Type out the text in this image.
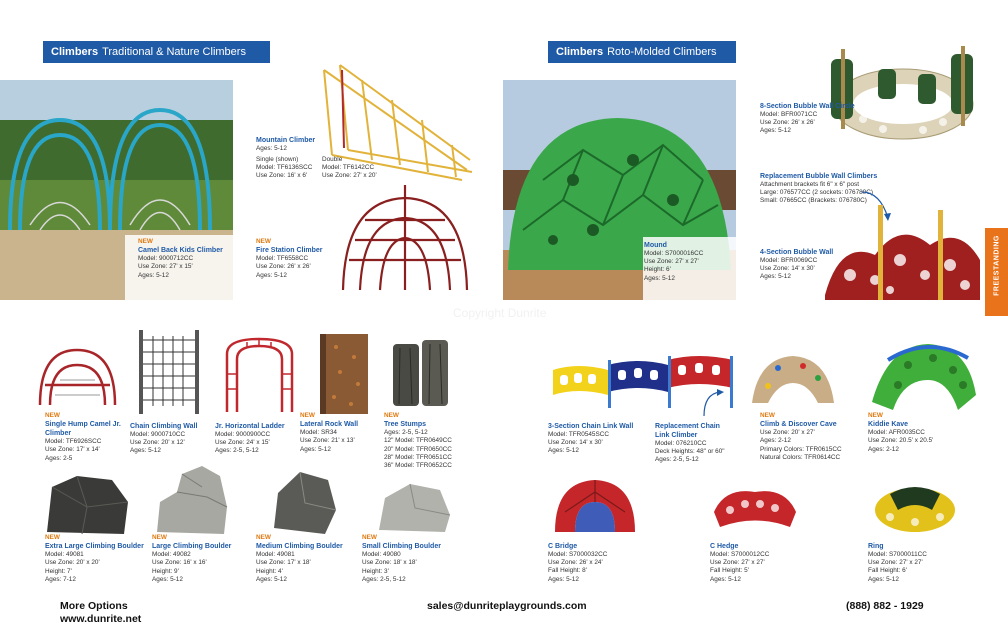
Climbers Traditional & Nature Climbers	Climbers Roto-Molded Climbers
FREESTANDING
Copyright Dunrite
NEW
Camel Back Kids Climber
Model: 9000712CC
Use Zone: 27' x 15'
Ages: 5-12
Mountain Climber
Ages: 5-12
Single (shown)
Model: TF6136SCC
Use Zone: 16' x 6'
Double
Model: TF6142CC
Use Zone: 27' x 20'
NEW
Fire Station Climber
Model: TF6558CC
Use Zone: 26' x 26'
Ages: 5-12
Mound
Model: S7000016CC
Use Zone: 27' x 27'
Height: 6'
Ages: 5-12
8-Section Bubble Wall Circle
Model: BFR0071CC
Use Zone: 26' x 26'
Ages: 5-12
Replacement Bubble Wall Climbers
Attachment brackets fit 6" x 6" post
Large: 076577CC (2 sockets: 076780C)
Small: 07665CC (Brackets: 076780C)
4-Section Bubble Wall
Model: BFR0069CC
Use Zone: 14' x 30'
Ages: 5-12
NEW
Single Hump Camel Jr. Climber
Model: TF6926SCC
Use Zone: 17' x 14'
Ages: 2-5
Chain Climbing Wall
Model: 9000710CC
Use Zone: 20' x 12'
Ages: 5-12
Jr. Horizontal Ladder
Model: 9000900CC
Use Zone: 24' x 15'
Ages: 2-5, 5-12
NEW
Lateral Rock Wall
Model: SR34
Use Zone: 21' x 13'
Ages: 5-12
NEW
Tree Stumps
Ages: 2-5, 5-12
12" Model: TFR0649CC
20" Model: TFR0650CC
28" Model: TFR0651CC
36" Model: TFR0652CC
3-Section Chain Link Wall
Model: TFR0545SCC
Use Zone: 14' x 30'
Ages: 5-12
Replacement Chain Link Climber
Model: 076210CC
Deck Heights: 48" or 60"
Ages: 2-5, 5-12
NEW
Climb & Discover Cave
Use Zone: 20' x 27'
Ages: 2-12
Primary Colors: TFR0615CC
Natural Colors: TFR0614CC
NEW
Kiddie Kave
Model: AFR0035CC
Use Zone: 20.5' x 20.5'
Ages: 2-12
NEW
Extra Large Climbing Boulder
Model: 49081
Use Zone: 20' x 20'
Height: 7'
Ages: 7-12
NEW
Large Climbing Boulder
Model: 49082
Use Zone: 16' x 16'
Height: 9'
Ages: 5-12
NEW
Medium Climbing Boulder
Model: 49081
Use Zone: 17' x 18'
Height: 4'
Ages: 5-12
NEW
Small Climbing Boulder
Model: 49080
Use Zone: 18' x 18'
Height: 3'
Ages: 2-5, 5-12
C Bridge
Model: S7000032CC
Use Zone: 26' x 24'
Fall Height: 8'
Ages: 5-12
C Hedge
Model: S7000012CC
Use Zone: 27' x 27'
Fall Height: 5'
Ages: 5-12
Ring
Model: S7000011CC
Use Zone: 27' x 27'
Fall Height: 6'
Ages: 5-12
More Options
www.dunrite.net
sales@dunriteplaygrounds.com	(888) 882 - 1929
